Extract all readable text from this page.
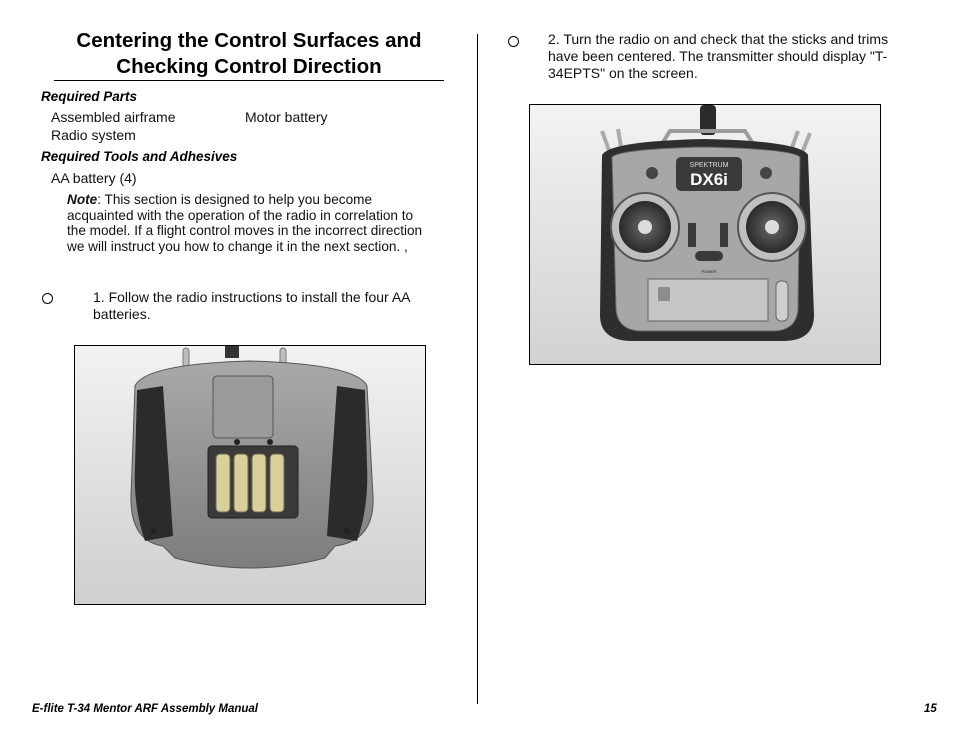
Centering the Control Surfaces and
Checking Control Direction
Required Parts
Assembled airframe	Motor battery
Radio system
Required Tools and Adhesives
AA battery (4)
Note: This section is designed to help you become acquainted with the operation of the radio in correlation to the model. If a flight control moves in the incorrect direction we will instruct you how to change it in the next section. ,
1. Follow the radio instructions to install the four AA batteries.
2. Turn the radio on and check that the sticks and trims have been centered. The transmitter should display "T-34EPTS" on the screen.
SPEKTRUM
DX6i
POWER
E-flite T-34 Mentor ARF Assembly Manual	15
